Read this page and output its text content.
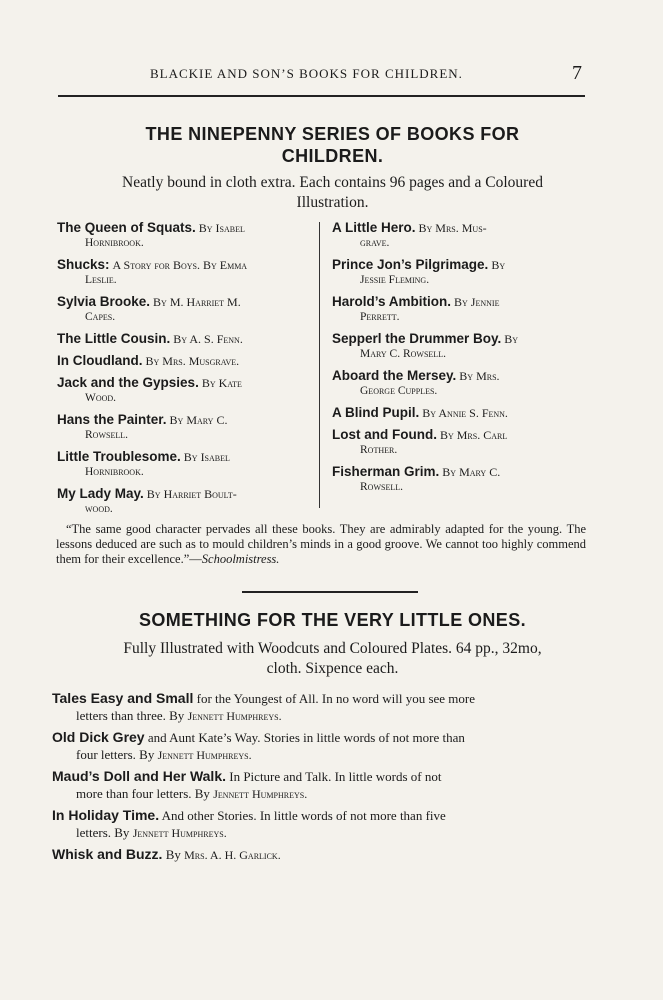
BLACKIE AND SON’S BOOKS FOR CHILDREN.	7
THE NINEPENNY SERIES OF BOOKS FOR
CHILDREN.
Neatly bound in cloth extra. Each contains 96 pages and a Coloured
Illustration.
The Queen of Squats. By Isabel
Hornibrook.
Shucks: A Story for Boys. By Emma
Leslie.
Sylvia Brooke. By M. Harriet M.
Capes.
The Little Cousin. By A. S. Fenn.
In Cloudland. By Mrs. Musgrave.
Jack and the Gypsies. By Kate
Wood.
Hans the Painter. By Mary C.
Rowsell.
Little Troublesome. By Isabel
Hornibrook.
My Lady May. By Harriet Boult-
wood.
A Little Hero. By Mrs. Mus-
grave.
Prince Jon’s Pilgrimage. By
Jessie Fleming.
Harold’s Ambition. By Jennie
Perrett.
Sepperl the Drummer Boy. By
Mary C. Rowsell.
Aboard the Mersey. By Mrs.
George Cupples.
A Blind Pupil. By Annie S. Fenn.
Lost and Found. By Mrs. Carl
Rother.
Fisherman Grim. By Mary C.
Rowsell.
“The same good character pervades all these books. They are admirably adapted for the young. The lessons deduced are such as to mould children’s minds in a good groove. We cannot too highly commend them for their excellence.”—Schoolmistress.
SOMETHING FOR THE VERY LITTLE ONES.
Fully Illustrated with Woodcuts and Coloured Plates. 64 pp., 32mo,
cloth. Sixpence each.
Tales Easy and Small for the Youngest of All. In no word will you see more
letters than three. By Jennett Humphreys.
Old Dick Grey and Aunt Kate’s Way. Stories in little words of not more than
four letters. By Jennett Humphreys.
Maud’s Doll and Her Walk. In Picture and Talk. In little words of not
more than four letters. By Jennett Humphreys.
In Holiday Time. And other Stories. In little words of not more than five
letters. By Jennett Humphreys.
Whisk and Buzz. By Mrs. A. H. Garlick.
